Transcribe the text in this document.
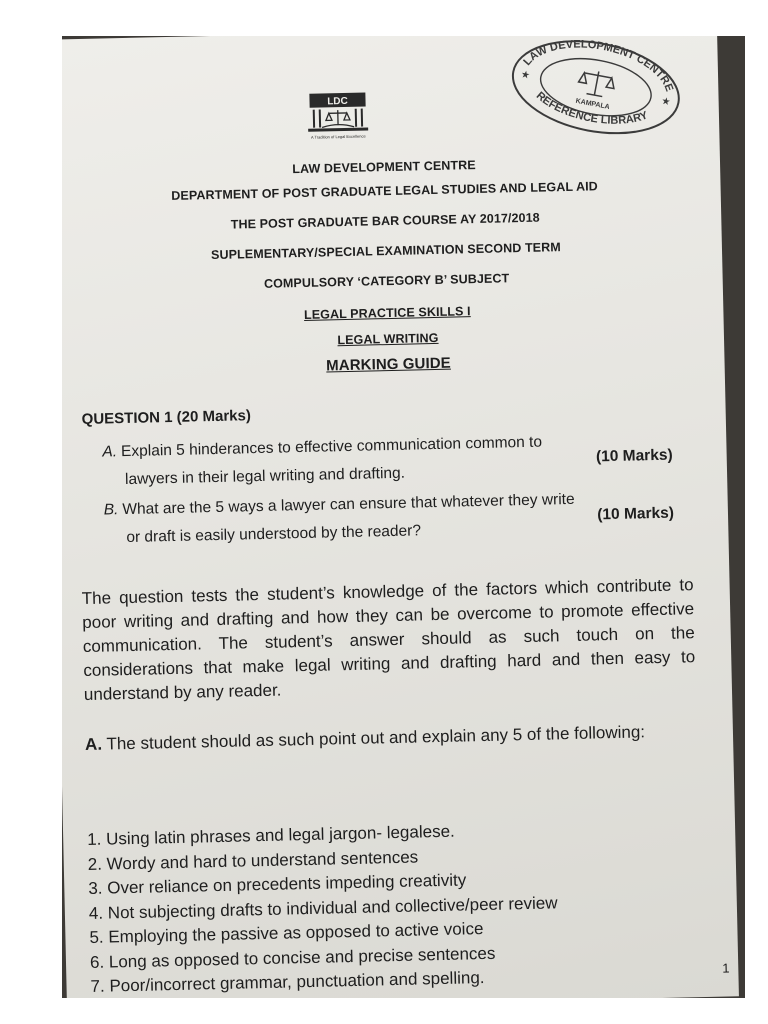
LAW DEVELOPMENT CENTRE
REFERENCE LIBRARY
★
★
KAMPALA
LDC
A Tradition of Legal Excellence
LAW DEVELOPMENT CENTRE
DEPARTMENT OF POST GRADUATE LEGAL STUDIES AND LEGAL AID
THE POST GRADUATE BAR COURSE AY 2017/2018
SUPLEMENTARY/SPECIAL EXAMINATION SECOND TERM
COMPULSORY ‘CATEGORY B’ SUBJECT
LEGAL PRACTICE SKILLS I
LEGAL WRITING
MARKING GUIDE
QUESTION 1 (20 Marks)
A. Explain 5 hinderances to effective communication common to
lawyers in their legal writing and drafting.
(10 Marks)
B. What are the 5 ways a lawyer can ensure that whatever they write
or draft is easily understood by the reader?
(10 Marks)
The question tests the student’s knowledge of the factors which contribute to poor writing and drafting and how they can be overcome to promote effective communication. The student’s answer should as such touch on the considerations that make legal writing and drafting hard and then easy to understand by any reader.
A. The student should as such point out and explain any 5 of the following:
1. Using latin phrases and legal jargon- legalese.
2. Wordy and hard to understand sentences
3. Over reliance on precedents impeding creativity
4. Not subjecting drafts to individual and collective/peer review
5. Employing the passive as opposed to active voice
6. Long as opposed to concise and precise sentences
7. Poor/incorrect grammar, punctuation and spelling.	1
